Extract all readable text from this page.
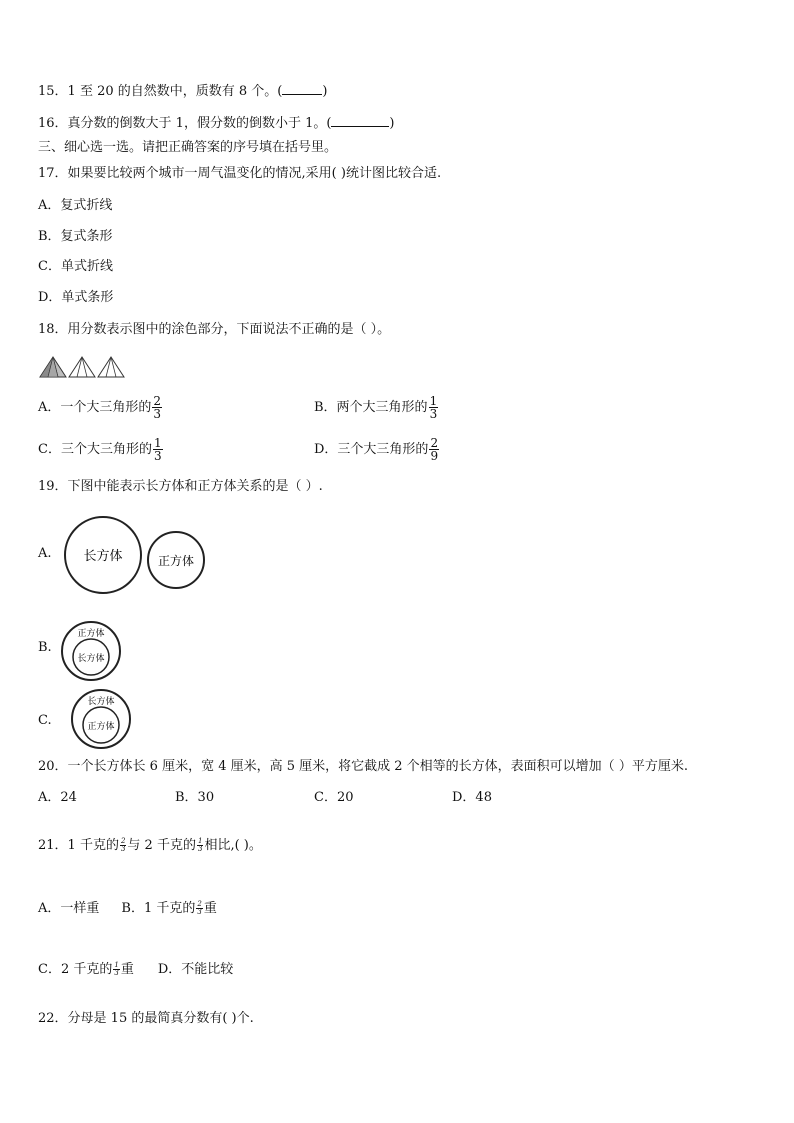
15．1 至 20 的自然数中，质数有 8 个。(	)
16．真分数的倒数大于 1，假分数的倒数小于 1。(	)
三、细心选一选。请把正确答案的序号填在括号里。
17．如果要比较两个城市一周气温变化的情况,采用( )统计图比较合适.
A．复式折线
B．复式条形
C．单式折线
D．单式条形
18．用分数表示图中的涂色部分，下面说法不正确的是（ ）。
A．一个大三角形的 $\frac{2}{3}$	B．两个大三角形的 $\frac{1}{3}$
C．三个大三角形的 $\frac{1}{3}$	D．三个大三角形的 $\frac{2}{9}$
19．下图中能表示长方体和正方体关系的是（ ）.
A. 长方体	正方体
B.
正方体
长方体
C.
长方体
正方体
20．一个长方体长 6 厘米，宽 4 厘米，高 5 厘米，将它截成 2 个相等的长方体，表面积可以增加（ ）平方厘米.
A．24	B．30	C．20	D．48
21．1 千克的 $\frac{2}{3}$ 与 2 千克的 $\frac{1}{3}$ 相比,( )。
A．一样重 B．1 千克的 $\frac{2}{3}$ 重
C．2 千克的 $\frac{1}{3}$ 重 D．不能比较
22．分母是 15 的最简真分数有( )个.
